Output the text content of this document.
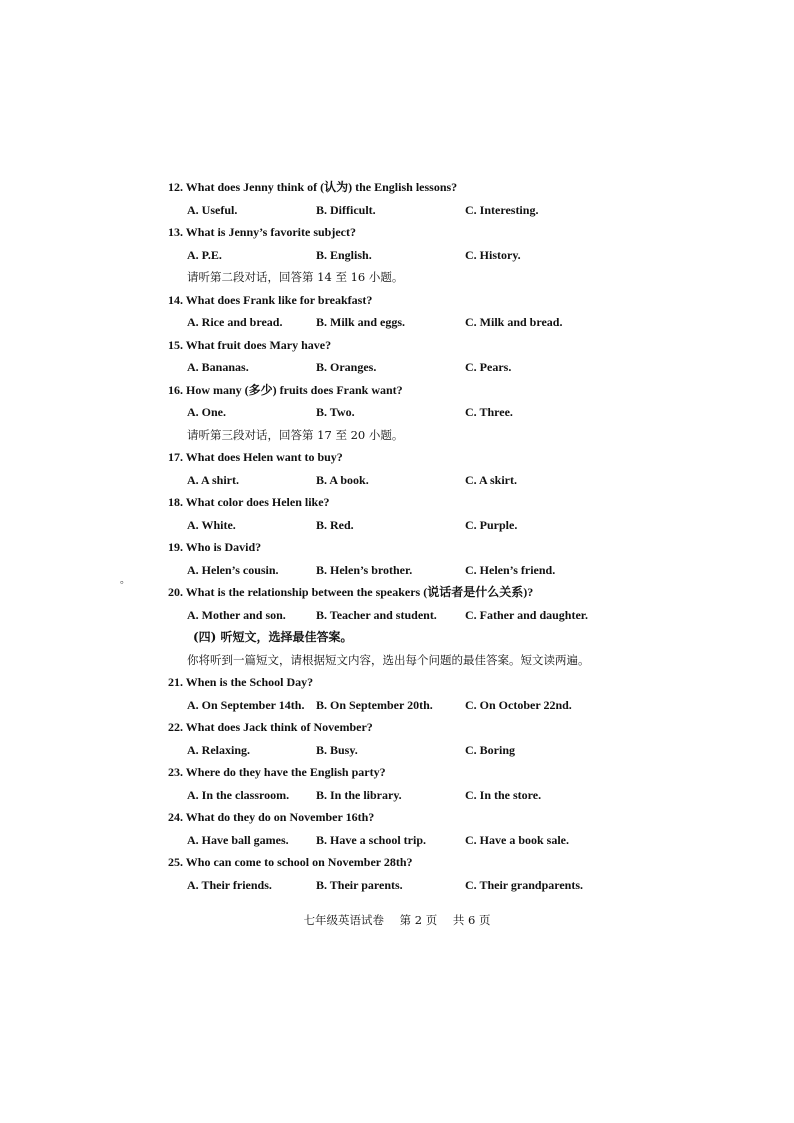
12. What does Jenny think of (认为) the English lessons?
A. Useful.	B. Difficult.	C. Interesting.
13. What is Jenny’s favorite subject?
A. P.E.	B. English.	C. History.
请听第二段对话，回答第 14 至 16 小题。
14. What does Frank like for breakfast?
A. Rice and bread.	B. Milk and eggs.	C. Milk and bread.
15. What fruit does Mary have?
A. Bananas.	B. Oranges.	C. Pears.
16. How many (多少) fruits does Frank want?
A. One.	B. Two.	C. Three.
请听第三段对话，回答第 17 至 20 小题。
17. What does Helen want to buy?
A. A shirt.	B. A book.	C. A skirt.
18. What color does Helen like?
A. White.	B. Red.	C. Purple.
19. Who is David?
A. Helen’s cousin.	B. Helen’s brother.	C. Helen’s friend.
20. What is the relationship between the speakers (说话者是什么关系)?
A. Mother and son.	B. Teacher and student. C. Father and daughter.
(四) 听短文，选择最佳答案。
你将听到一篇短文，请根据短文内容，选出每个问题的最佳答案。短文读两遍。
21. When is the School Day?
A. On September 14th. B. On September 20th.	C. On October 22nd.
22. What does Jack think of November?
A. Relaxing.	B. Busy.	C. Boring
23. Where do they have the English party?
A. In the classroom. B. In the library.	C. In the store.
24. What do they do on November 16th?
A. Have ball games. B. Have a school trip.	C. Have a book sale.
25. Who can come to school on November 28th?
A. Their friends.	B. Their parents.	C. Their grandparents.
。
七年级英语试卷 第 2 页 共 6 页
